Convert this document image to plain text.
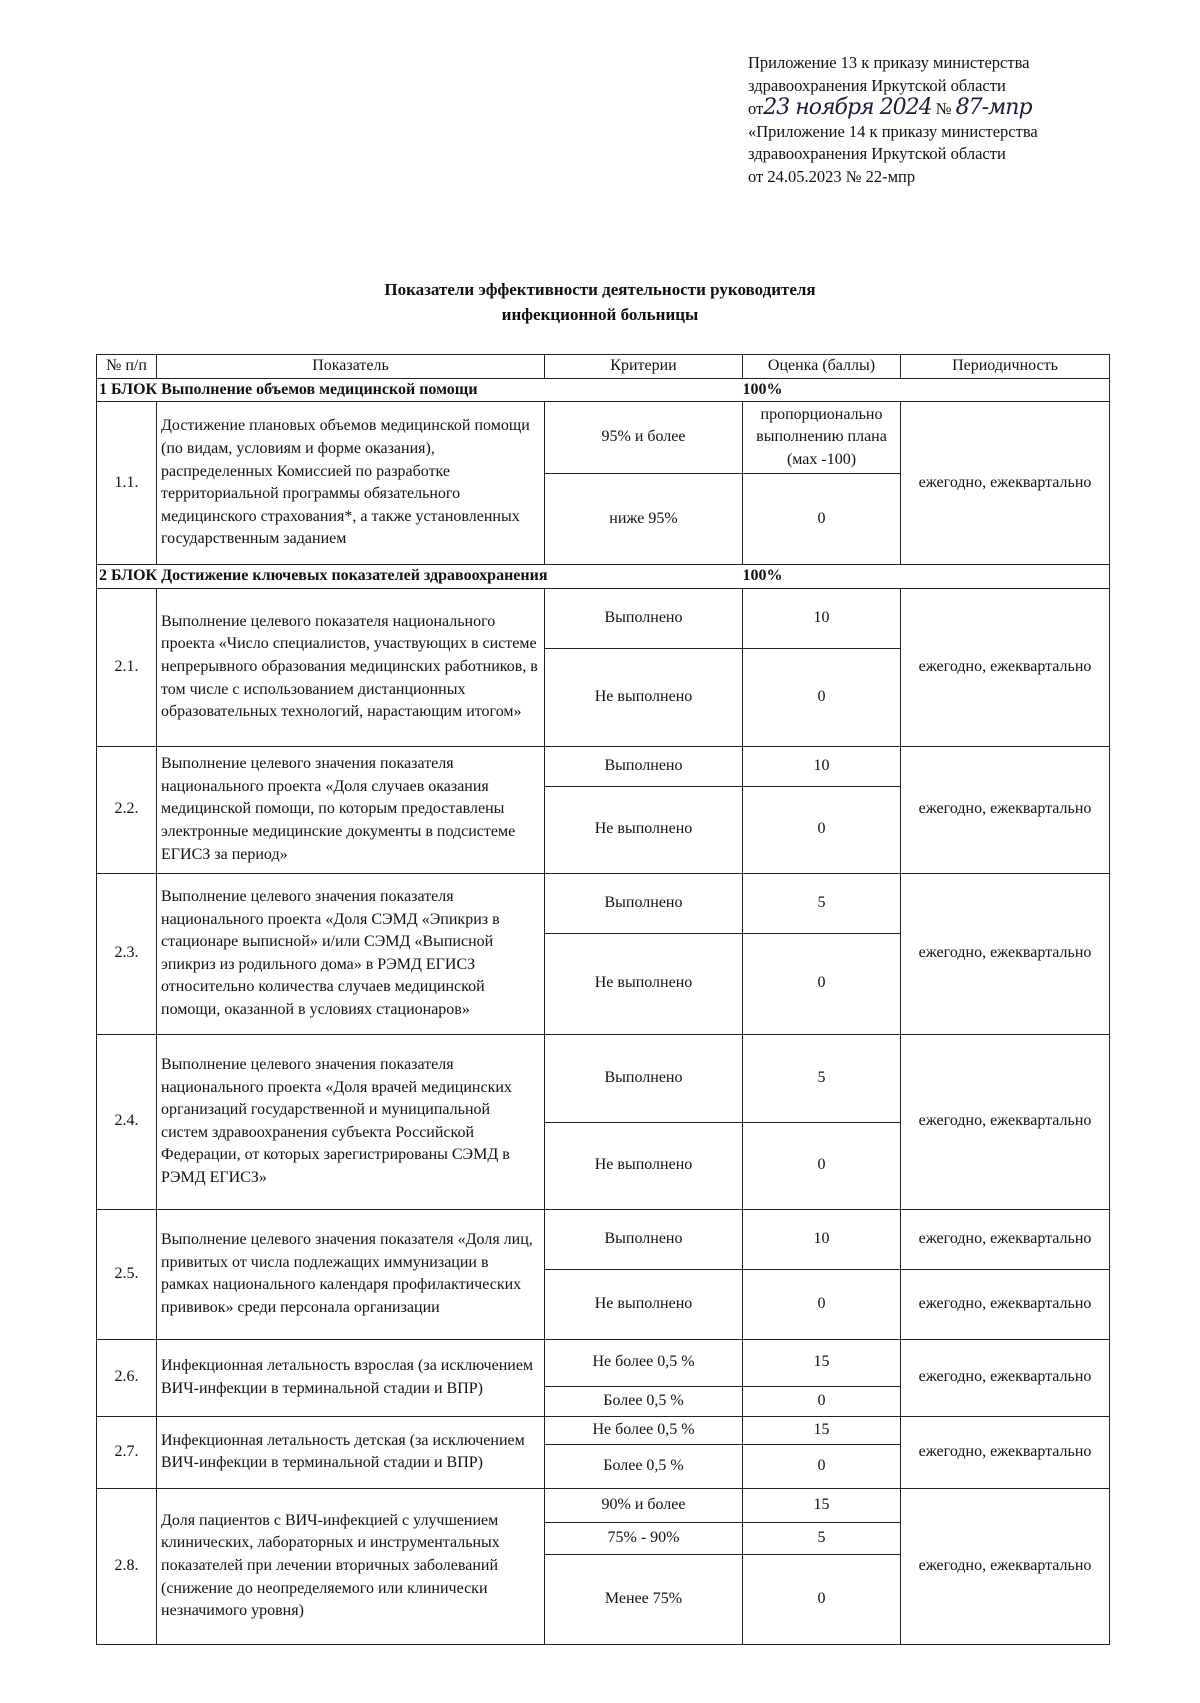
Приложение 13 к приказу министерства
здравоохранения Иркутской области
от23 ноября 2024 № 87-мпр
«Приложение 14 к приказу министерства
здравоохранения Иркутской области
от 24.05.2023 № 22-мпр
Показатели эффективности деятельности руководителя
инфекционной больницы
№ п/п	Показатель	Критерии	Оценка (баллы)	Периодичность
1 БЛОК Выполнение объемов медицинской помощи			100%	
1.1.	Достижение плановых объемов медицинской помощи (по видам, условиям и форме оказания), распределенных Комиссией по разработке территориальной программы обязательного медицинского страхования*, а также установленных государственным заданием	95% и более	пропорционально выполнению плана (мах -100)	ежегодно, ежеквартально
		ниже 95%	0	
2 БЛОК Достижение ключевых показателей здравоохранения			100%	
2.1.	Выполнение целевого показателя национального проекта «Число специалистов, участвующих в системе непрерывного образования медицинских работников, в том числе с использованием дистанционных образовательных технологий, нарастающим итогом»	Выполнено	10	ежегодно, ежеквартально
		Не выполнено	0	
2.2.	Выполнение целевого значения показателя национального проекта «Доля случаев оказания медицинской помощи, по которым предоставлены электронные медицинские документы в подсистеме ЕГИСЗ за период»	Выполнено	10	ежегодно, ежеквартально
		Не выполнено	0	
2.3.	Выполнение целевого значения показателя национального проекта «Доля СЭМД «Эпикриз в стационаре выписной» и/или СЭМД «Выписной эпикриз из родильного дома» в РЭМД ЕГИСЗ относительно количества случаев медицинской помощи, оказанной в условиях стационаров»	Выполнено	5	ежегодно, ежеквартально
		Не выполнено	0	
2.4.	Выполнение целевого значения показателя национального проекта «Доля врачей медицинских организаций государственной и муниципальной систем здравоохранения субъекта Российской Федерации, от которых зарегистрированы СЭМД в РЭМД ЕГИСЗ»	Выполнено	5	ежегодно, ежеквартально
		Не выполнено	0	
2.5.	Выполнение целевого значения показателя «Доля лиц, привитых от числа подлежащих иммунизации в рамках национального календаря профилактических прививок» среди персонала организации	Выполнено	10	ежегодно, ежеквартально
		Не выполнено	0	ежегодно, ежеквартально
2.6.	Инфекционная летальность взрослая (за исключением ВИЧ-инфекции в терминальной стадии и ВПР)	Не более 0,5 %	15	ежегодно, ежеквартально
		Более 0,5 %	0	
2.7.	Инфекционная летальность детская (за исключением ВИЧ-инфекции в терминальной стадии и ВПР)	Не более 0,5 %	15	ежегодно, ежеквартально
		Более 0,5 %	0	
2.8.	Доля пациентов с ВИЧ-инфекцией с улучшением клинических, лабораторных и инструментальных показателей при лечении вторичных заболеваний (снижение до неопределяемого или клинически незначимого уровня)	90% и более	15	ежегодно, ежеквартально
		75% - 90%	5	
		Менее 75%	0	
